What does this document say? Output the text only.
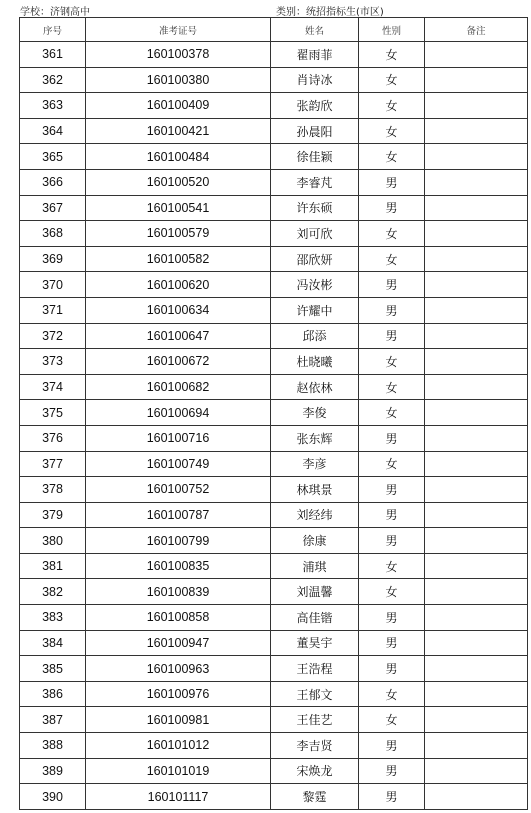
学校：济钢高中	类别：统招指标生(市区)
序号	准考证号	姓名	性别	备注
361	160100378	翟雨菲	女	
362	160100380	肖诗冰	女	
363	160100409	张韵欣	女	
364	160100421	孙晨阳	女	
365	160100484	徐佳颖	女	
366	160100520	李睿芃	男	
367	160100541	许东硕	男	
368	160100579	刘可欣	女	
369	160100582	邵欣妍	女	
370	160100620	冯汝彬	男	
371	160100634	许耀中	男	
372	160100647	邱添	男	
373	160100672	杜晓曦	女	
374	160100682	赵依林	女	
375	160100694	李俊	女	
376	160100716	张东辉	男	
377	160100749	李彦	女	
378	160100752	林琪景	男	
379	160100787	刘经纬	男	
380	160100799	徐康	男	
381	160100835	浦琪	女	
382	160100839	刘温馨	女	
383	160100858	高佳锴	男	
384	160100947	董昊宇	男	
385	160100963	王浩程	男	
386	160100976	王郁文	女	
387	160100981	王佳艺	女	
388	160101012	李吉贤	男	
389	160101019	宋焕龙	男	
390	160101117	黎霆	男	
